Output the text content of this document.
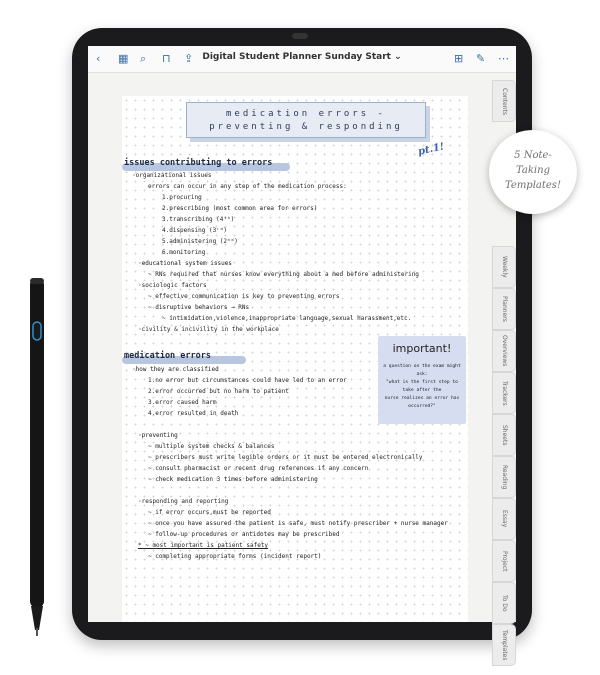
‹ ▦ ⌕ ⊓ ⇪	Digital Student Planner Sunday Start ⌄	⊞ ✎ ⋯
Contents
Weekly
Planners
Overviews
Trackers
Sheets
Reading
Essay
Project
To Do
Templates
medication errors -
preventing & responding
pt.1!
issues contributing to errors
◦organizational issues
errors can occur in any step of the medication process:
1.procuring
2.prescribing (most common area for errors)
3.transcribing (4ᵗʰ)
4.dispensing (3ʳᵈ)
5.administering (2ⁿᵈ)
6.monitoring
◦educational system issues
~ RNs required that nurses know everything about a med before administering
◦sociologic factors
~ effective communication is key to preventing errors
~ disruptive behaviors → RNs
~ intimidation,violence,inappropriate language,sexual harassment,etc.
◦civility & incivility in the workplace
medication errors
◦how they are classified
1.no error but circumstances could have led to an error
2.error occurred but no harm to patient
3.error caused harm
4.error resulted in death
◦preventing
~ multiple system checks & balances
~ prescribers must write legible orders or it must be entered electronically
~ consult pharmacist or recent drug references if any concern
~ check medication 3 times before administering
◦responding and reporting
~ if error occurs,must be reported
~ once you have assured the patient is safe, must notify prescriber + nurse manager
~ follow-up procedures or antidotes may be prescribed
* ~ most important is patient safety
~ completing appropriate forms (incident report)
important!
a question on the exam might
ask:
"what is the first step to
take after the
nurse realizes an error has
occurred?"
5 Note-
Taking
Templates!
